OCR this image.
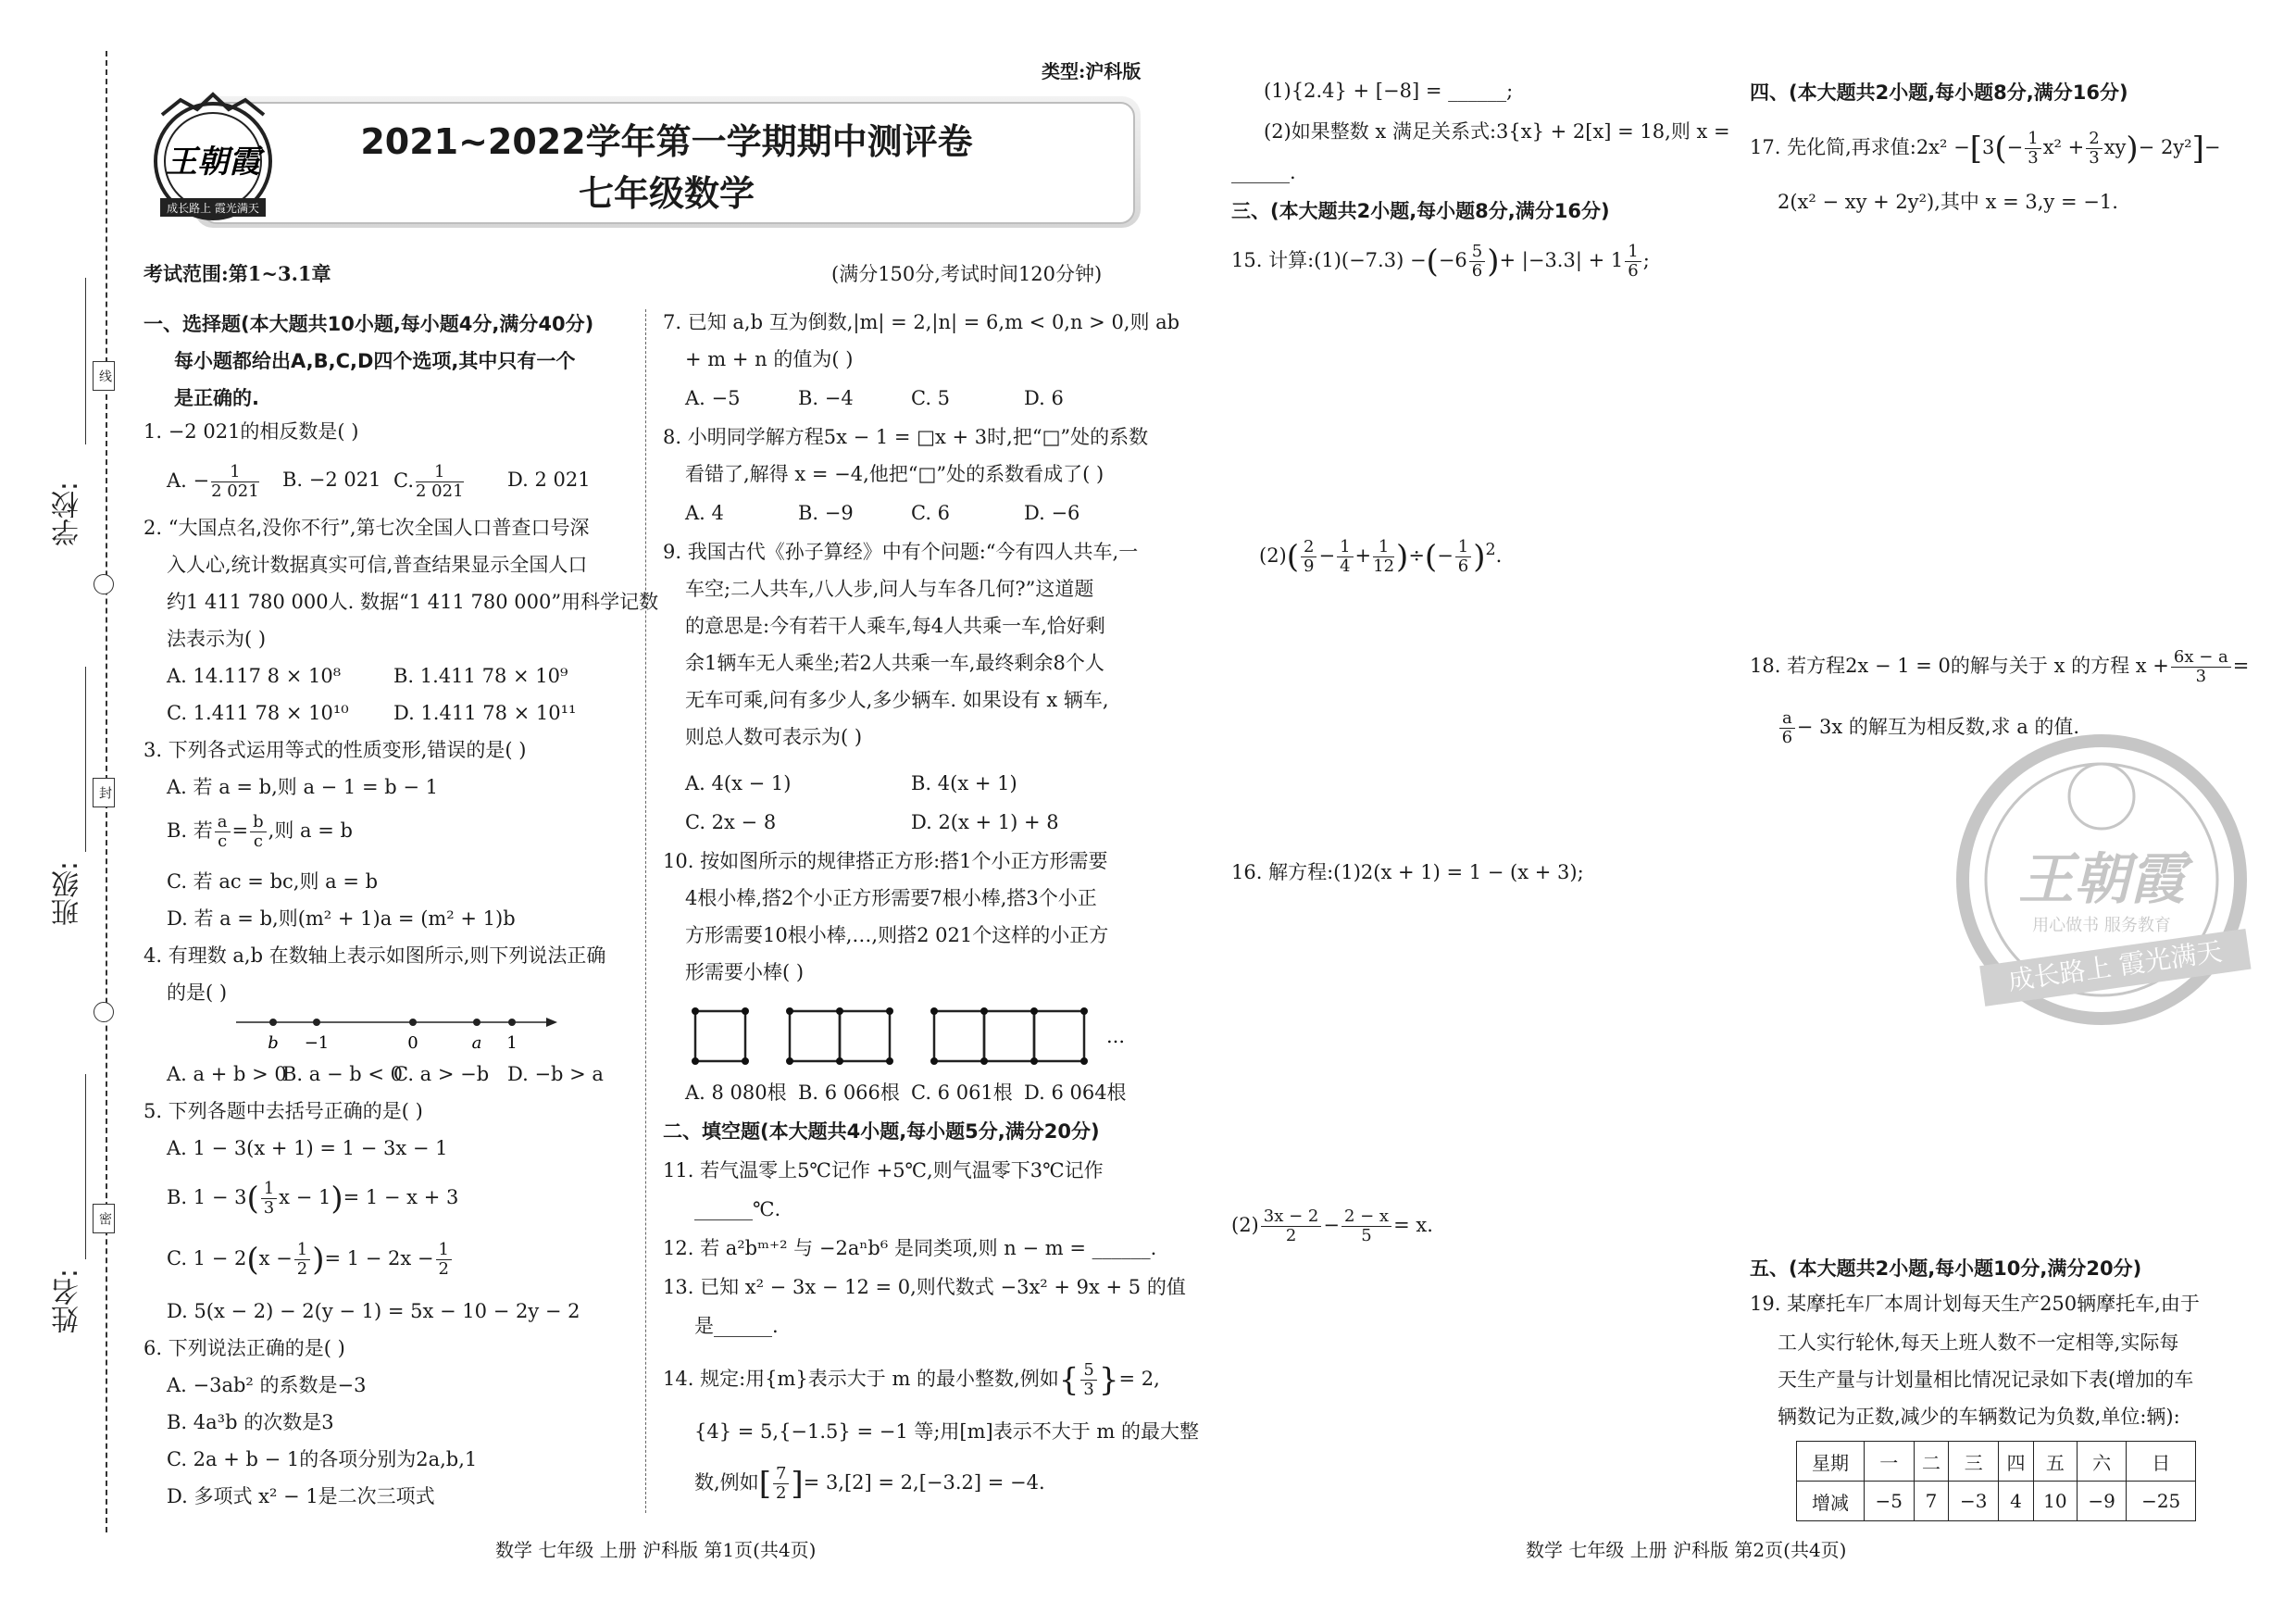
线
封
密
学校:
班级:
姓名:
类型:沪科版
2021~2022学年第一学期期中测评卷
七年级数学
王朝霞
成长路上 霞光满天
考试范围:第1~3.1章	(满分150分,考试时间120分钟)
一、选择题(本大题共10小题,每小题4分,满分40分)
每小题都给出A,B,C,D四个选项,其中只有一个
是正确的.
1. −2 021的相反数是( )
A. − $\frac{1}{2 021} B$. −2 021 C. $\frac{1}{2 021} D$. 2 021
2. “大国点名,没你不行”,第七次全国人口普查口号深
入人心,统计数据真实可信,普查结果显示全国人口
约1 411 780 000人. 数据“1 411 780 000”用科学记数
法表示为( )
A. 14.117 8 × 10⁸	B. 1.411 78 × 10⁹
C. 1.411 78 × 10¹⁰ D. 1.411 78 × 10¹¹
3. 下列各式运用等式的性质变形,错误的是( )
A. 若 a = b,则 a − 1 = b − 1
B. 若 $\frac{a}{c} = \frac{b}{c}$ ,则 a = b
C. 若 ac = bc,则 a = b
D. 若 a = b,则(m² + 1)a = (m² + 1)b
4. 有理数 a,b 在数轴上表示如图所示,则下列说法正确
的是( )
b −1	0	a 1
A. a + b > 0
B. a − b < 0
C. a > −b D. −b > a
5. 下列各题中去括号正确的是( )
A. 1 − 3(x + 1) = 1 − 3x − 1
B. $1 - 3( \frac{1}{3}$ x − 1)= 1 − x + 3
C. $1 - 2(x - \frac{1}{2}$ )= $1 - 2x - \frac{1}{2}$
D. 5(x − 2) − 2(y − 1) = 5x − 10 − 2y − 2
6. 下列说法正确的是( )
A. −3ab² 的系数是−3
B. 4a³b 的次数是3
C. 2a + b − 1的各项分别为2a,b,1
D. 多项式 x² − 1是二次三项式
7. 已知 a,b 互为倒数,|m| = 2,|n| = 6,m < 0,n > 0,则 ab
+ m + n 的值为( )
A. −5	B. −4	C. 5	D. 6
8. 小明同学解方程5x − 1 = □x + 3时,把“□”处的系数
看错了,解得 x = −4,他把“□”处的系数看成了( )
A. 4	B. −9	C. 6	D. −6
9. 我国古代《孙子算经》中有个问题:“今有四人共车,一
车空;二人共车,八人步,问人与车各几何?”这道题
的意思是:今有若干人乘车,每4人共乘一车,恰好剩
余1辆车无人乘坐;若2人共乘一车,最终剩余8个人
无车可乘,问有多少人,多少辆车. 如果设有 x 辆车,
则总人数可表示为( )
A. 4(x − 1)	B. 4(x + 1)
C. 2x − 8	D. 2(x + 1) + 8
10. 按如图所示的规律搭正方形:搭1个小正方形需要
4根小棒,搭2个小正方形需要7根小棒,搭3个小正
方形需要10根小棒,…,则搭2 021个这样的小正方
形需要小棒( )
…
A. 8 080根 B. 6 066根 C. 6 061根 D. 6 064根
二、填空题(本大题共4小题,每小题5分,满分20分)
11. 若气温零上5℃记作 +5℃,则气温零下3℃记作
______℃.
12. 若 a²bᵐ⁺² 与 −2aⁿb⁶ 是同类项,则 n − m = ______.
13. 已知 x² − 3x − 12 = 0,则代数式 −3x² + 9x + 5 的值
是______.
14. 规定:用{m}表示大于 m 的最小整数,例如{ $\frac{5}{3}$ }= 2,
{4} = 5,{−1.5} = −1 等;用[m]表示不大于 m 的最大整
数,例如[ $\frac{7}{2}$ ]= 3,[2] = 2,[−3.2] = −4.
数学 七年级 上册 沪科版 第1页(共4页)
(1){2.4} + [−8] = ______;
(2)如果整数 x 满足关系式:3{x} + 2[x] = 18,则 x =
______.
三、(本大题共2小题,每小题8分,满分16分)
15. 计算:(1)(−7.3) $-(-6 \frac{5}{6}$ )+ $|-3.3| + 1 \frac{1}{6}$ ;
$(2)( \frac{2}{9} - \frac{1}{4} + \frac{1}{12}$ )÷(− $\frac{1}{6} )^2$.
16. 解方程:(1)2(x + 1) = 1 − (x + 3);
$(2) \frac{3x - 2}{2} - \frac{2 - x}{5} = x$.
数学 七年级 上册 沪科版 第2页(共4页)
四、(本大题共2小题,每小题8分,满分16分)
17. 先化简,再求值:2x² $-[3(- \frac{1}{3} x^2 + \frac{2}{3} xy)- 2y^2]-$
2(x² − xy + 2y²),其中 x = 3,y = −1.
18. 若方程2x − 1 = 0的解与关于 x 的方程 $x + \frac{6x - a}{3}$ =
$\frac{a}{6} - 3x$ 的解互为相反数,求 a 的值.
王朝霞
用心做书 服务教育
成长路上 霞光满天
五、(本大题共2小题,每小题10分,满分20分)
19. 某摩托车厂本周计划每天生产250辆摩托车,由于
工人实行轮休,每天上班人数不一定相等,实际每
天生产量与计划量相比情况记录如下表(增加的车
辆数记为正数,减少的车辆数记为负数,单位:辆):
星期	一	二	三	四	五	六	日
增减	−5	7	−3	4	10	−9	−25
